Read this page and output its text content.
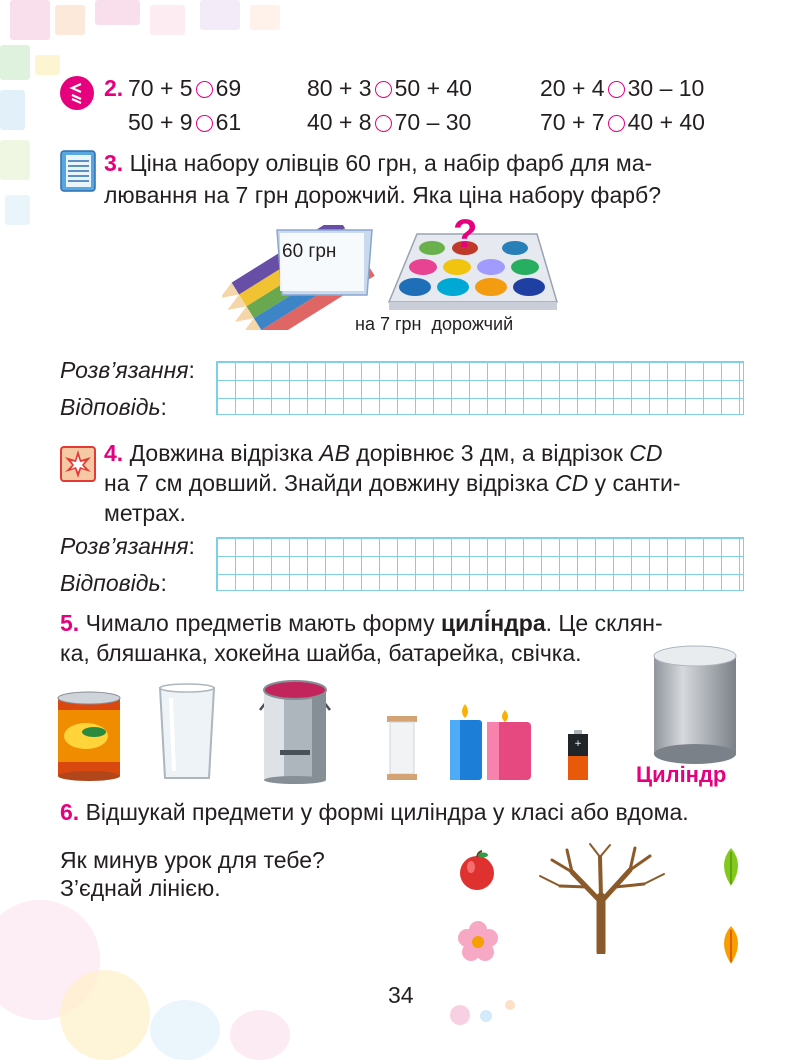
2. 70 + 5 69	80 + 3 50 + 40	20 + 4 30 – 10
50 + 9 61	40 + 8 70 – 30	70 + 7 40 + 40
3. Ціна набору олівців 60 грн, а набір фарб для ма-
лювання на 7 грн дорожчий. Яка ціна набору фарб?
60 грн	?
на 7 грн  дорожчий
Розв’язання:
Відповідь:
4. Довжина відрізка AB дорівнює 3 дм, а відрізок CD
на 7 см довший. Знайди довжину відрізка CD у санти-
метрах.
Розв’язання:
Відповідь:
5. Чимало предметів мають форму цилі́ндра. Це склян-
ка, бляшанка, хокейна шайба, батарейка, свічка.
+
Циліндр
6. Відшукай предмети у формі циліндра у класі або вдома.
Як минув урок для тебе?
З’єднай лінією.
34
